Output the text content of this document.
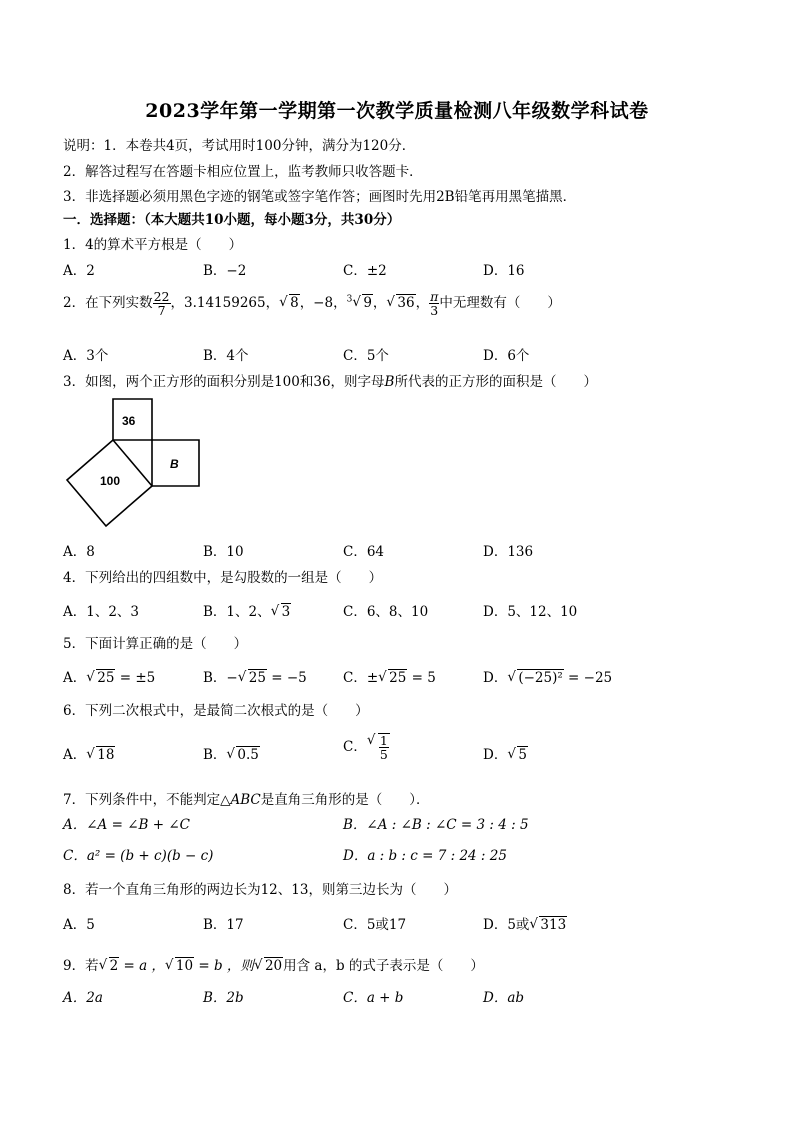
2023学年第一学期第一次教学质量检测八年级数学科试卷
说明：1．本卷共4页，考试用时100分钟，满分为120分．
2．解答过程写在答题卡相应位置上，监考教师只收答题卡．
3．非选择题必须用黑色字迹的钢笔或签字笔作答；画图时先用2B铅笔再用黑笔描黑．
一．选择题：（本大题共10小题，每小题3分，共30分）
1．4的算术平方根是（　　）
A．2	B．−2	C．±2	D．16
2．在下列实数 $\frac{22}{7}$ ，3.14159265， √ 8，−8，$^3$ √ 9， √ 36， $\frac{\pi}{3}$ 中无理数有（　　）
A．3个	B．4个	C．5个	D．6个
3．如图，两个正方形的面积分别是100和36，则字母B所代表的正方形的面积是（　　）
36
B
100
A．8	B．10	C．64	D．136
4．下列给出的四组数中，是勾股数的一组是（　　）
A．1、2、3	B．1、2、 √ 3	C．6、8、10	D．5、12、10
5．下面计算正确的是（　　）
A． √ 25 = ±5	B．− √ 25 = −5	C．± √ 25 = 5	D． √ (−25)² = −25
6．下列二次根式中，是最简二次根式的是（　　）
A． √ 18	B． √ 0.5	C． √ $\frac{1}{5}$	D． √ 5
7．下列条件中，不能判定△ABC是直角三角形的是（　　）．
A．∠A = ∠B + ∠C	B．∠A : ∠B : ∠C = 3 : 4 : 5
C．a² = (b + c)(b − c)	D．a : b : c = 7 : 24 : 25
8．若一个直角三角形的两边长为12、13，则第三边长为（　　）
A．5	B．17	C．5或17	D．5或 √ 313
9．若 √ 2 = a ， √ 10 = b ，则 √ 20用含 a，b 的式子表示是（　　）
A．2a	B．2b	C．a + b	D．ab
